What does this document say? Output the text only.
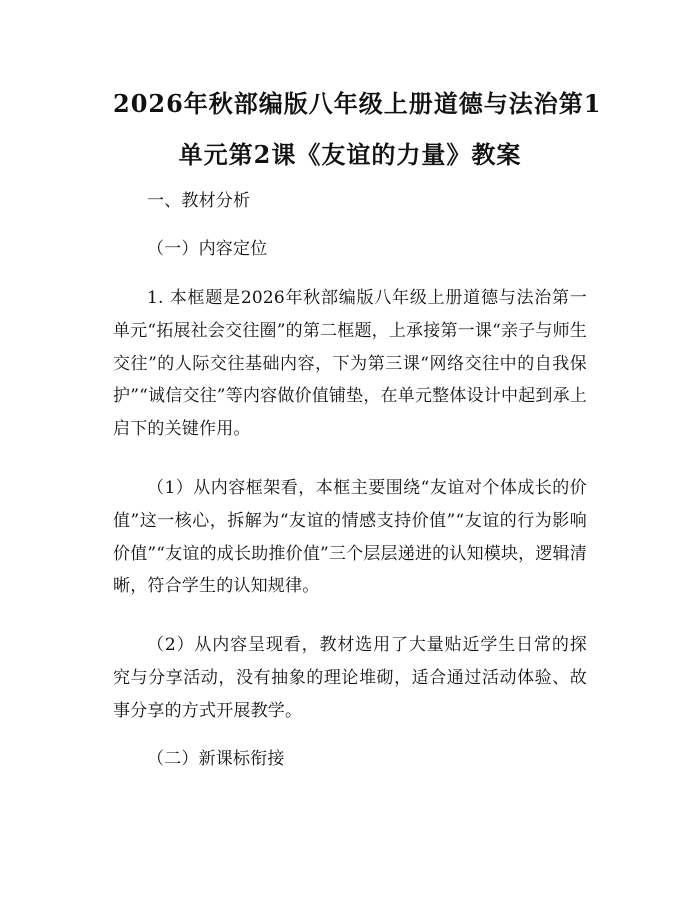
2026年秋部编版八年级上册道德与法治第1
单元第2课《友谊的力量》教案

一、教材分析

（一）内容定位

1. 本框题是2026年秋部编版八年级上册道德与法治第一单元“拓展社会交往圈”的第二框题，上承接第一课“亲子与师生交往”的人际交往基础内容，下为第三课“网络交往中的自我保护”“诚信交往”等内容做价值铺垫，在单元整体设计中起到承上启下的关键作用。

（1）从内容框架看，本框主要围绕“友谊对个体成长的价值”这一核心，拆解为“友谊的情感支持价值”“友谊的行为影响价值”“友谊的成长助推价值”三个层层递进的认知模块，逻辑清晰，符合学生的认知规律。

（2）从内容呈现看，教材选用了大量贴近学生日常的探究与分享活动，没有抽象的理论堆砌，适合通过活动体验、故事分享的方式开展教学。

（二）新课标衔接
